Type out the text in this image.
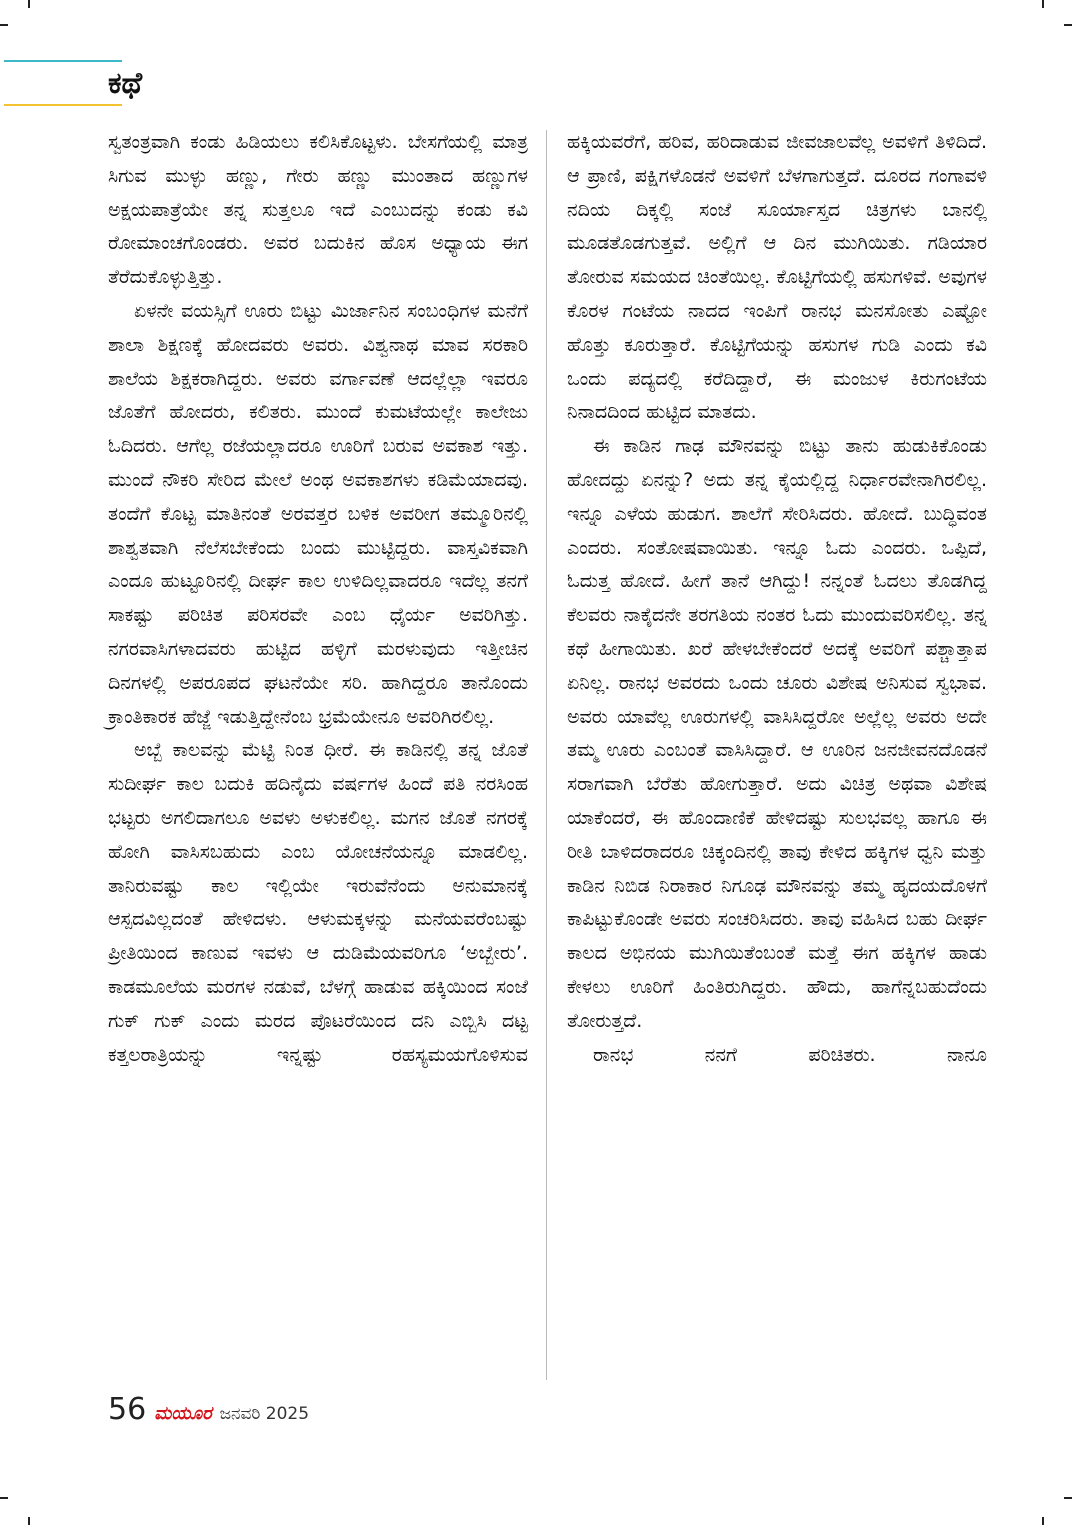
ಕಥೆ

ಸ್ವತಂತ್ರವಾಗಿ ಕಂಡು ಹಿಡಿಯಲು ಕಲಿಸಿಕೊಟ್ಟಳು. ಬೇಸಗೆಯಲ್ಲಿ ಮಾತ್ರ ಸಿಗುವ ಮುಳ್ಳು ಹಣ್ಣು, ಗೇರು ಹಣ್ಣು ಮುಂತಾದ ಹಣ್ಣುಗಳ ಅಕ್ಷಯಪಾತ್ರೆಯೇ ತನ್ನ ಸುತ್ತಲೂ ಇದೆ ಎಂಬುದನ್ನು ಕಂಡು ಕವಿ ರೋಮಾಂಚಗೊಂಡರು. ಅವರ ಬದುಕಿನ ಹೊಸ ಅಧ್ಯಾಯ ಈಗ ತೆರೆದುಕೊಳ್ಳುತ್ತಿತ್ತು.

ಏಳನೇ ವಯಸ್ಸಿಗೆ ಊರು ಬಿಟ್ಟು ಮಿರ್ಜಾನಿನ ಸಂಬಂಧಿಗಳ ಮನೆಗೆ ಶಾಲಾ ಶಿಕ್ಷಣಕ್ಕೆ ಹೋದವರು ಅವರು. ವಿಶ್ವನಾಥ ಮಾವ ಸರಕಾರಿ ಶಾಲೆಯ ಶಿಕ್ಷಕರಾಗಿದ್ದರು. ಅವರು ವರ್ಗಾವಣೆ ಆದಲ್ಲೆಲ್ಲಾ ಇವರೂ ಜೊತೆಗೆ ಹೋದರು, ಕಲಿತರು. ಮುಂದೆ ಕುಮಟೆಯಲ್ಲೇ ಕಾಲೇಜು ಓದಿದರು. ಆಗೆಲ್ಲ ರಜೆಯಲ್ಲಾದರೂ ಊರಿಗೆ ಬರುವ ಅವಕಾಶ ಇತ್ತು. ಮುಂದೆ ನೌಕರಿ ಸೇರಿದ ಮೇಲೆ ಅಂಥ ಅವಕಾಶಗಳು ಕಡಿಮೆಯಾದವು. ತಂದೆಗೆ ಕೊಟ್ಟ ಮಾತಿನಂತೆ ಅರವತ್ತರ ಬಳಿಕ ಅವರೀಗ ತಮ್ಮೂರಿನಲ್ಲಿ ಶಾಶ್ವತವಾಗಿ ನೆಲೆಸಬೇಕೆಂದು ಬಂದು ಮುಟ್ಟಿದ್ದರು. ವಾಸ್ತವಿಕವಾಗಿ ಎಂದೂ ಹುಟ್ಟೂರಿನಲ್ಲಿ ದೀರ್ಘ ಕಾಲ ಉಳಿದಿಲ್ಲವಾದರೂ ಇದೆಲ್ಲ ತನಗೆ ಸಾಕಷ್ಟು ಪರಿಚಿತ ಪರಿಸರವೇ ಎಂಬ ಧೈರ್ಯ ಅವರಿಗಿತ್ತು. ನಗರವಾಸಿಗಳಾದವರು ಹುಟ್ಟಿದ ಹಳ್ಳಿಗೆ ಮರಳುವುದು ಇತ್ತೀಚಿನ ದಿನಗಳಲ್ಲಿ ಅಪರೂಪದ ಘಟನೆಯೇ ಸರಿ. ಹಾಗಿದ್ದರೂ ತಾನೊಂದು ಕ್ರಾಂತಿಕಾರಕ ಹೆಜ್ಜೆ ಇಡುತ್ತಿದ್ದೇನೆಂಬ ಭ್ರಮೆಯೇನೂ ಅವರಿಗಿರಲಿಲ್ಲ.

ಅಬ್ಬೆ ಕಾಲವನ್ನು ಮೆಟ್ಟಿ ನಿಂತ ಧೀರೆ. ಈ ಕಾಡಿನಲ್ಲಿ ತನ್ನ ಜೊತೆ ಸುದೀರ್ಘ ಕಾಲ ಬದುಕಿ ಹದಿನೈದು ವರ್ಷಗಳ ಹಿಂದೆ ಪತಿ ನರಸಿಂಹ ಭಟ್ಟರು ಅಗಲಿದಾಗಲೂ ಅವಳು ಅಳುಕಲಿಲ್ಲ. ಮಗನ ಜೊತೆ ನಗರಕ್ಕೆ ಹೋಗಿ ವಾಸಿಸಬಹುದು ಎಂಬ ಯೋಚನೆಯನ್ನೂ ಮಾಡಲಿಲ್ಲ. ತಾನಿರುವಷ್ಟು ಕಾಲ ಇಲ್ಲಿಯೇ ಇರುವೆನೆಂದು ಅನುಮಾನಕ್ಕೆ ಆಸ್ಪದವಿಲ್ಲದಂತೆ ಹೇಳಿದಳು. ಆಳುಮಕ್ಕಳನ್ನು ಮನೆಯವರೆಂಬಷ್ಟು ಪ್ರೀತಿಯಿಂದ ಕಾಣುವ ಇವಳು ಆ ದುಡಿಮೆಯವರಿಗೂ ‘ಅಬ್ಬೇರು’. ಕಾಡಮೂಲೆಯ ಮರಗಳ ನಡುವೆ, ಬೆಳಗ್ಗೆ ಹಾಡುವ ಹಕ್ಕಿಯಿಂದ ಸಂಜೆ ಗುಕ್ ಗುಕ್ ಎಂದು ಮರದ ಪೊಟರೆಯಿಂದ ದನಿ ಎಬ್ಬಿಸಿ ದಟ್ಟ ಕತ್ತಲರಾತ್ರಿಯನ್ನು ಇನ್ನಷ್ಟು ರಹಸ್ಯಮಯಗೊಳಿಸುವ

ಹಕ್ಕಿಯವರೆಗೆ, ಹರಿವ, ಹರಿದಾಡುವ ಜೀವಜಾಲವೆಲ್ಲ ಅವಳಿಗೆ ತಿಳಿದಿದೆ. ಆ ಪ್ರಾಣಿ, ಪಕ್ಷಿಗಳೊಡನೆ ಅವಳಿಗೆ ಬೆಳಗಾಗುತ್ತದೆ. ದೂರದ ಗಂಗಾವಳಿ ನದಿಯ ದಿಕ್ಕಲ್ಲಿ ಸಂಜೆ ಸೂರ್ಯಾಸ್ತದ ಚಿತ್ರಗಳು ಬಾನಲ್ಲಿ ಮೂಡತೊಡಗುತ್ತವೆ. ಅಲ್ಲಿಗೆ ಆ ದಿನ ಮುಗಿಯಿತು. ಗಡಿಯಾರ ತೋರುವ ಸಮಯದ ಚಿಂತೆಯಿಲ್ಲ. ಕೊಟ್ಟಿಗೆಯಲ್ಲಿ ಹಸುಗಳಿವೆ. ಅವುಗಳ ಕೊರಳ ಗಂಟೆಯ ನಾದದ ಇಂಪಿಗೆ ರಾನಭ ಮನಸೋತು ಎಷ್ಟೋ ಹೊತ್ತು ಕೂರುತ್ತಾರೆ. ಕೊಟ್ಟಿಗೆಯನ್ನು ಹಸುಗಳ ಗುಡಿ ಎಂದು ಕವಿ ಒಂದು ಪದ್ಯದಲ್ಲಿ ಕರೆದಿದ್ದಾರೆ, ಈ ಮಂಜುಳ ಕಿರುಗಂಟೆಯ ನಿನಾದದಿಂದ ಹುಟ್ಟಿದ ಮಾತದು.

ಈ ಕಾಡಿನ ಗಾಢ ಮೌನವನ್ನು ಬಿಟ್ಟು ತಾನು ಹುಡುಕಿಕೊಂಡು ಹೋದದ್ದು ಏನನ್ನು? ಅದು ತನ್ನ ಕೈಯಲ್ಲಿದ್ದ ನಿರ್ಧಾರವೇನಾಗಿರಲಿಲ್ಲ. ಇನ್ನೂ ಎಳೆಯ ಹುಡುಗ. ಶಾಲೆಗೆ ಸೇರಿಸಿದರು. ಹೋದೆ. ಬುದ್ಧಿವಂತ ಎಂದರು. ಸಂತೋಷವಾಯಿತು. ಇನ್ನೂ ಓದು ಎಂದರು. ಒಪ್ಪಿದೆ, ಓದುತ್ತ ಹೋದೆ. ಹೀಗೆ ತಾನೆ ಆಗಿದ್ದು! ನನ್ನಂತೆ ಓದಲು ತೊಡಗಿದ್ದ ಕೆಲವರು ನಾಕೈದನೇ ತರಗತಿಯ ನಂತರ ಓದು ಮುಂದುವರಿಸಲಿಲ್ಲ. ತನ್ನ ಕಥೆ ಹೀಗಾಯಿತು. ಖರೆ ಹೇಳಬೇಕೆಂದರೆ ಅದಕ್ಕೆ ಅವರಿಗೆ ಪಶ್ಚಾತ್ತಾಪ ಏನಿಲ್ಲ. ರಾನಭ ಅವರದು ಒಂದು ಚೂರು ವಿಶೇಷ ಅನಿಸುವ ಸ್ವಭಾವ. ಅವರು ಯಾವೆಲ್ಲ ಊರುಗಳಲ್ಲಿ ವಾಸಿಸಿದ್ದರೋ ಅಲ್ಲೆಲ್ಲ ಅವರು ಅದೇ ತಮ್ಮ ಊರು ಎಂಬಂತೆ ವಾಸಿಸಿದ್ದಾರೆ. ಆ ಊರಿನ ಜನಜೀವನದೊಡನೆ ಸರಾಗವಾಗಿ ಬೆರೆತು ಹೋಗುತ್ತಾರೆ. ಅದು ವಿಚಿತ್ರ ಅಥವಾ ವಿಶೇಷ ಯಾಕೆಂದರೆ, ಈ ಹೊಂದಾಣಿಕೆ ಹೇಳಿದಷ್ಟು ಸುಲಭವಲ್ಲ ಹಾಗೂ ಈ ರೀತಿ ಬಾಳಿದರಾದರೂ ಚಿಕ್ಕಂದಿನಲ್ಲಿ ತಾವು ಕೇಳಿದ ಹಕ್ಕಿಗಳ ಧ್ವನಿ ಮತ್ತು ಕಾಡಿನ ನಿಬಿಡ ನಿರಾಕಾರ ನಿಗೂಢ ಮೌನವನ್ನು ತಮ್ಮ ಹೃದಯದೊಳಗೆ ಕಾಪಿಟ್ಟುಕೊಂಡೇ ಅವರು ಸಂಚರಿಸಿದರು. ತಾವು ವಹಿಸಿದ ಬಹು ದೀರ್ಘ ಕಾಲದ ಅಭಿನಯ ಮುಗಿಯಿತೆಂಬಂತೆ ಮತ್ತೆ ಈಗ ಹಕ್ಕಿಗಳ ಹಾಡು ಕೇಳಲು ಊರಿಗೆ ಹಿಂತಿರುಗಿದ್ದರು. ಹೌದು, ಹಾಗೆನ್ನಬಹುದೆಂದು ತೋರುತ್ತದೆ.

ರಾನಭ ನನಗೆ ಪರಿಚಿತರು. ನಾನೂ

56 ಮಯೂರ ಜನವರಿ 2025
